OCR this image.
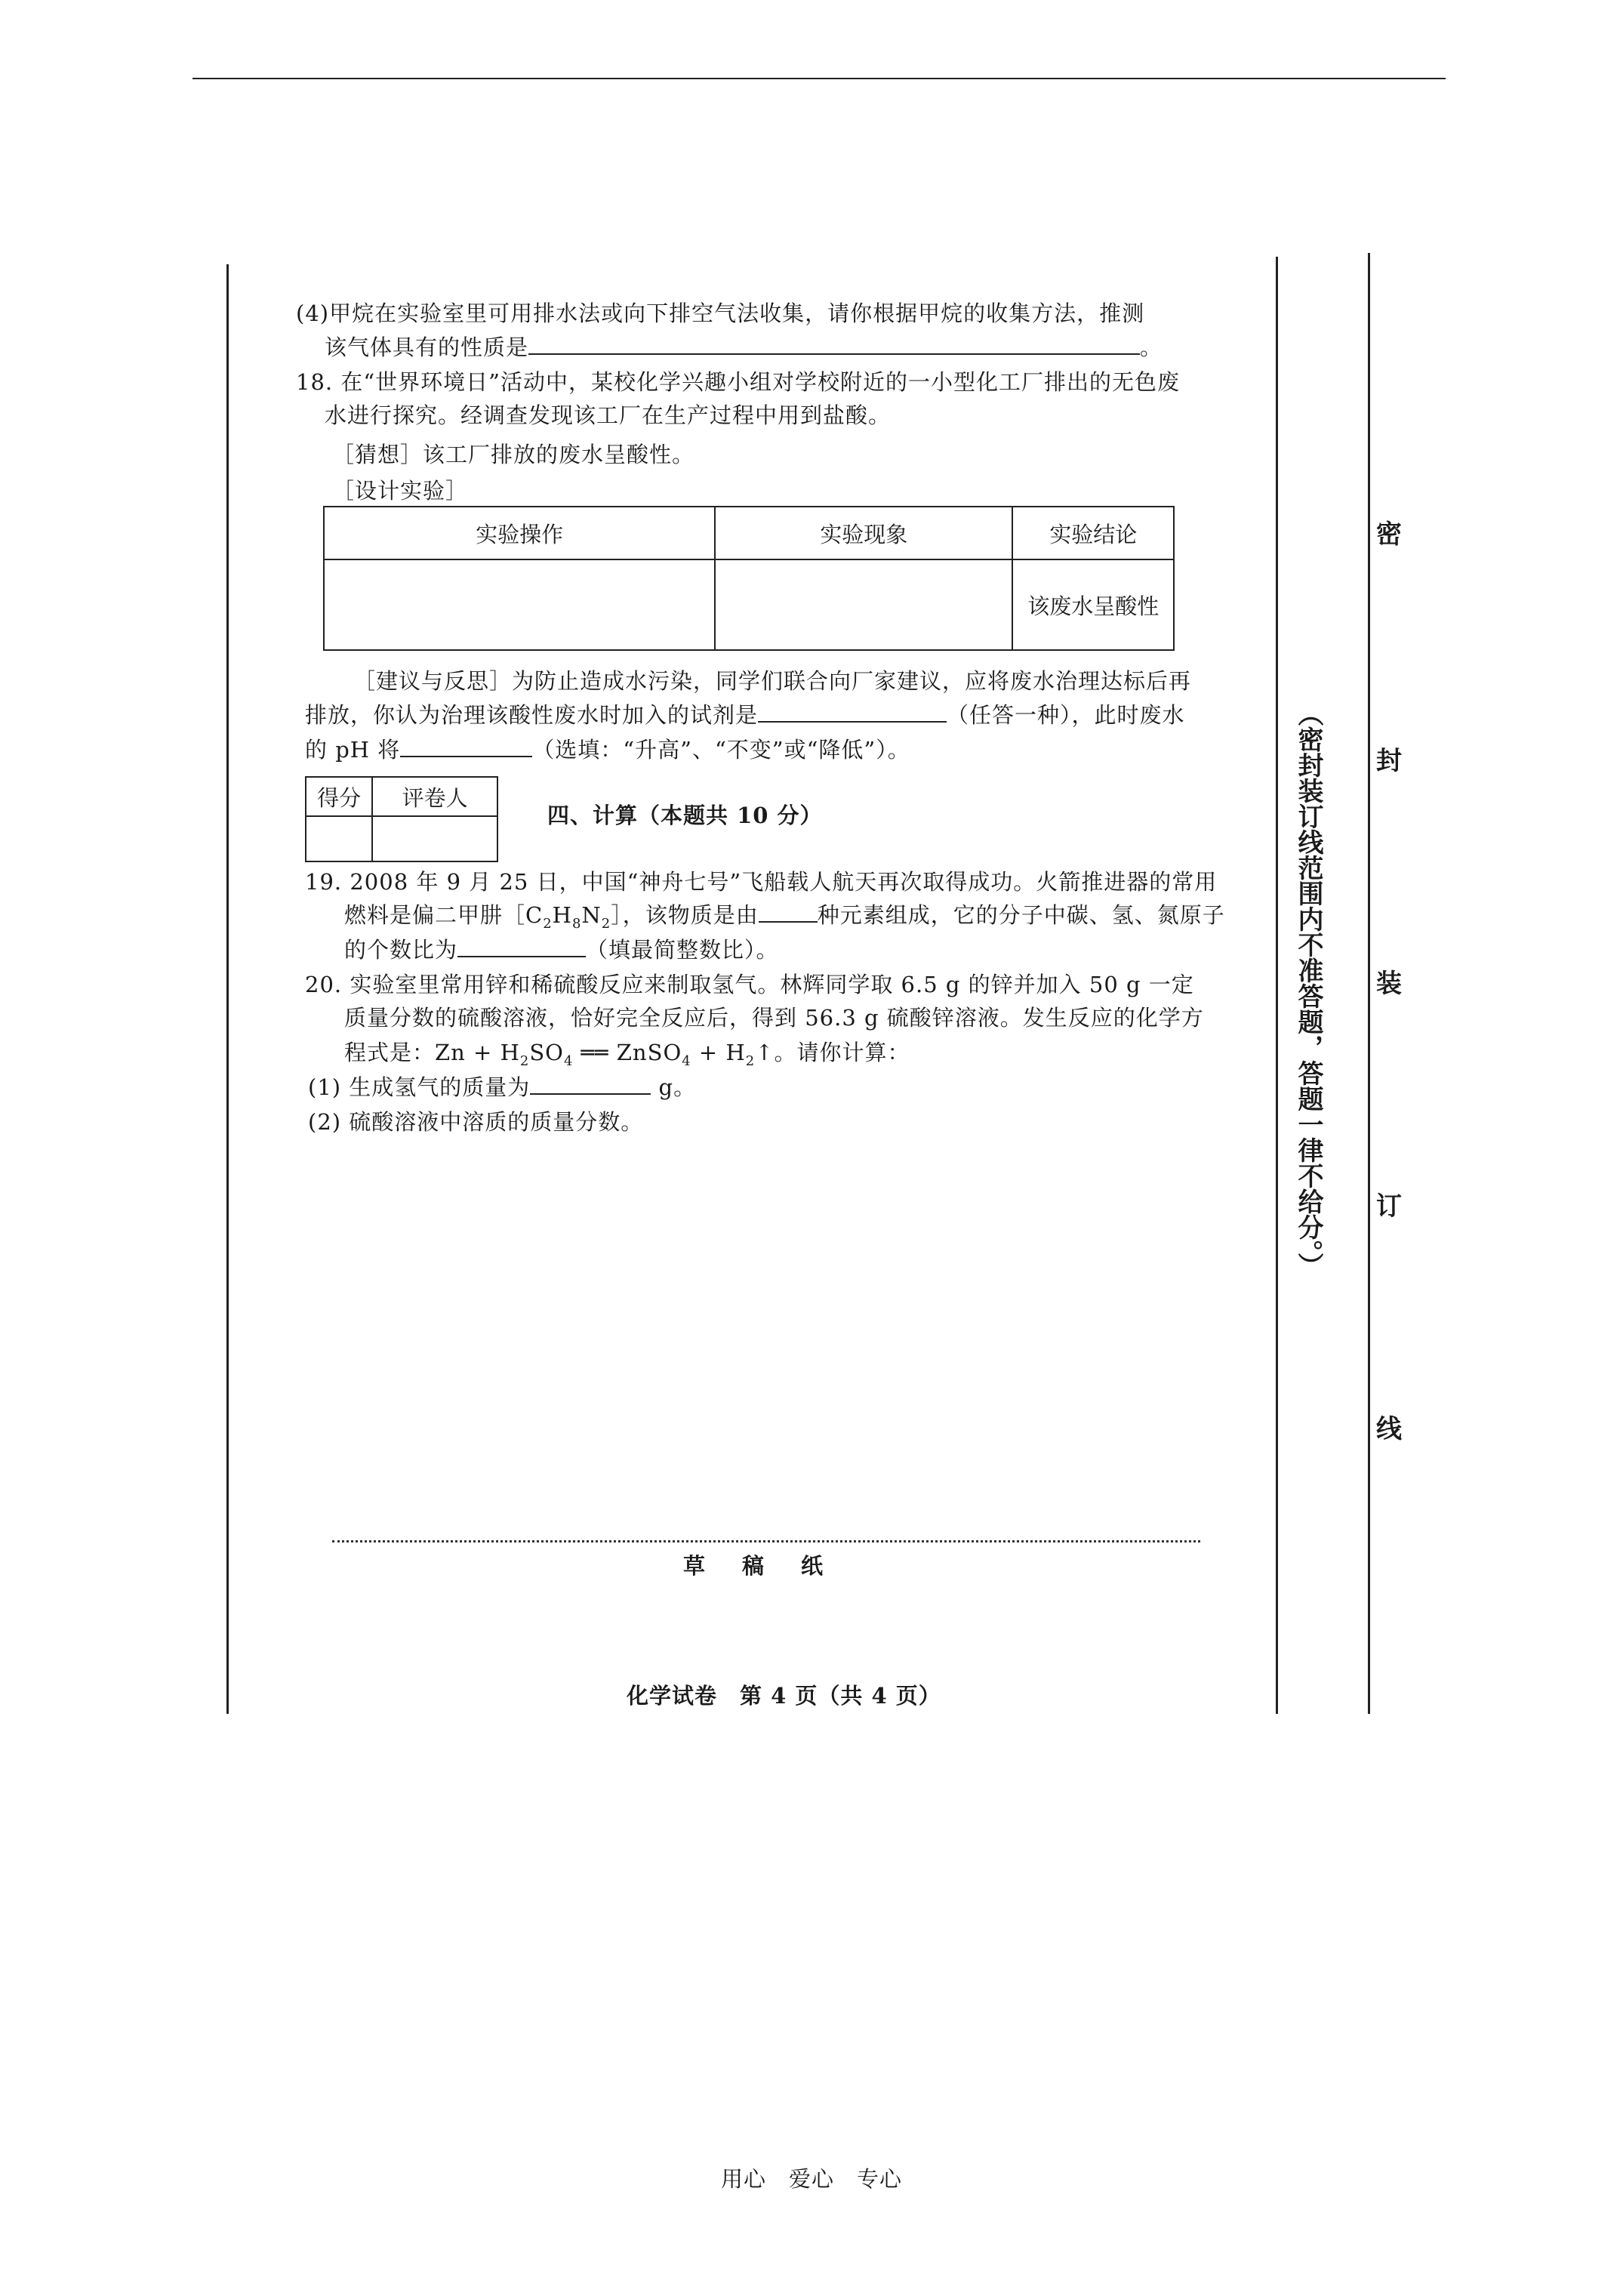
(4)甲烷在实验室里可用排水法或向下排空气法收集，请你根据甲烷的收集方法，推测
该气体具有的性质是	。
18. 在“世界环境日”活动中，某校化学兴趣小组对学校附近的一小型化工厂排出的无色废
水进行探究。经调查发现该工厂在生产过程中用到盐酸。
［猜想］该工厂排放的废水呈酸性。
［设计实验］
实验操作	实验现象	实验结论
		该废水呈酸性
［建议与反思］为防止造成水污染，同学们联合向厂家建议，应将废水治理达标后再
排放，你认为治理该酸性废水时加入的试剂是	（任答一种），此时废水
的 pH 将	（选填：“升高”、“不变”或“降低”）。
得分	评卷人

四、计算（本题共 10 分）
19. 2008 年 9 月 25 日，中国“神舟七号”飞船载人航天再次取得成功。火箭推进器的常用
燃料是偏二甲肼$[C_2H_8N_2]$，该物质是由	种元素组成，它的分子中碳、氢、氮原子
的个数比为	（填最简整数比）。
20. 实验室里常用锌和稀硫酸反应来制取氢气。林辉同学取 6.5 g 的锌并加入 50 g 一定
质量分数的硫酸溶液，恰好完全反应后，得到 56.3 g 硫酸锌溶液。发生反应的化学方
程式是：$Zn + H_2SO_4$ ══ ZnSO$_4$ + $H_2↑$。请你计算：
(1) 生成氢气的质量为	g。
(2) 硫酸溶液中溶质的质量分数。
草　稿　纸
化学试卷　第 4 页（共 4 页）
（密封装订线范围内不准答题，答题一律不给分。）
密
封
装
订
线
用心　爱心　专心
